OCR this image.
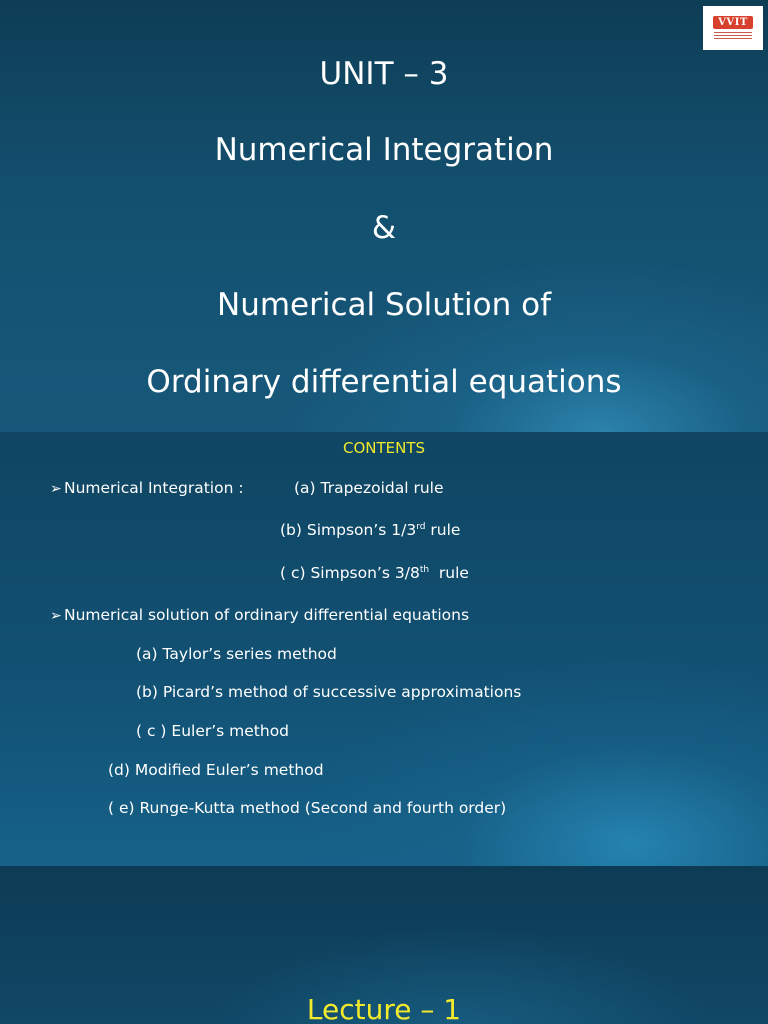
VVIT
UNIT – 3
Numerical Integration
&
Numerical Solution of
Ordinary differential equations
CONTENTS
➢ Numerical Integration :	(a) Trapezoidal rule
(b) Simpson’s 1/3rd rule
( c) Simpson’s 3/8th  rule
➢ Numerical solution of ordinary differential equations
(a) Taylor’s series method
(b) Picard’s method of successive approximations
( c ) Euler’s method
(d) Modified Euler’s method
( e) Runge-Kutta method (Second and fourth order)
Lecture – 1
